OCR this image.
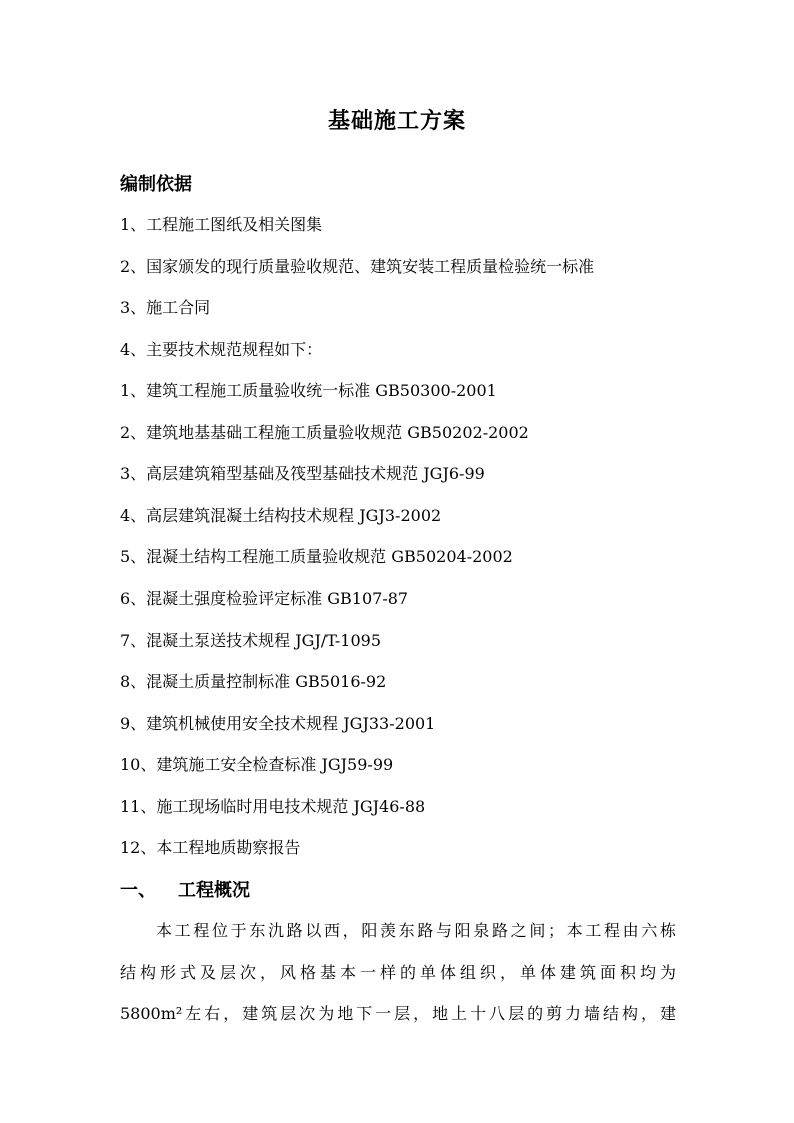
基础施工方案
编制依据
1、工程施工图纸及相关图集
2、国家颁发的现行质量验收规范、建筑安装工程质量检验统一标准
3、施工合同
4、主要技术规范规程如下：
1、建筑工程施工质量验收统一标准 GB50300-2001
2、建筑地基基础工程施工质量验收规范 GB50202-2002
3、高层建筑箱型基础及筏型基础技术规范 JGJ6-99
4、高层建筑混凝土结构技术规程 JGJ3-2002
5、混凝土结构工程施工质量验收规范 GB50204-2002
6、混凝土强度检验评定标准 GB107-87
7、混凝土泵送技术规程 JGJ/T-1095
8、混凝土质量控制标准 GB5016-92
9、建筑机械使用安全技术规程 JGJ33-2001
10、建筑施工安全检查标准 JGJ59-99
11、施工现场临时用电技术规范 JGJ46-88
12、本工程地质勘察报告
一、 工程概况
本工程位于东氿路以西，阳羡东路与阳泉路之间；本工程由六栋
结构形式及层次，风格基本一样的单体组织，单体建筑面积均为
5800m²左右，建筑层次为地下一层，地上十八层的剪力墙结构，建
